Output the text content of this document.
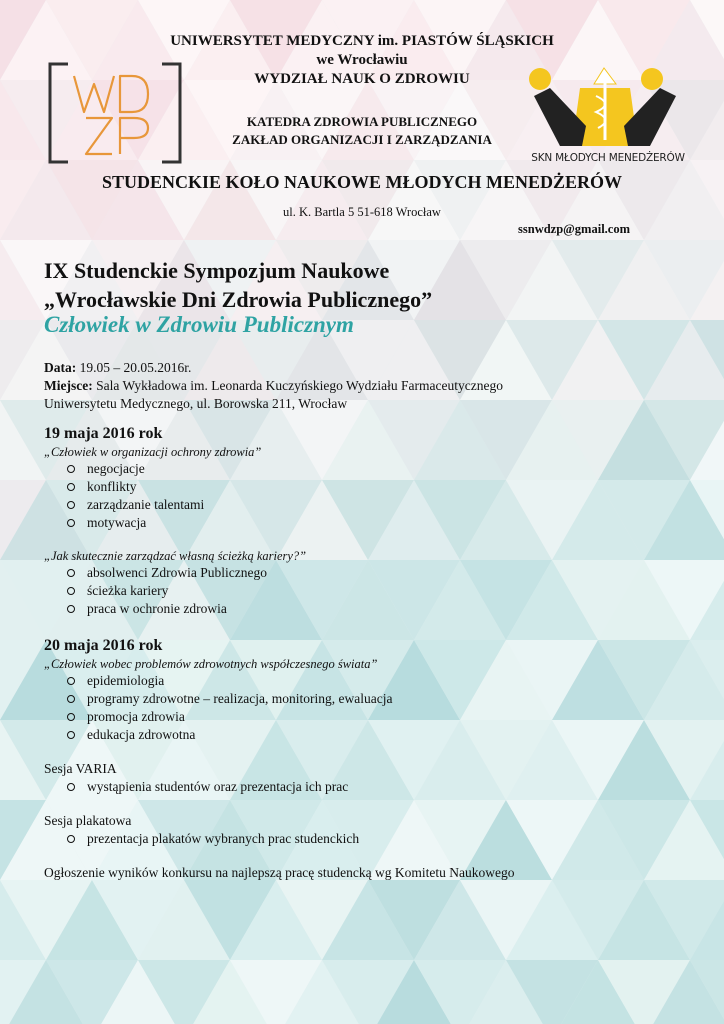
UNIWERSYTET MEDYCZNY im. PIASTÓW ŚLĄSKICH
we Wrocławiu
WYDZIAŁ NAUK O ZDROWIU
KATEDRA ZDROWIA PUBLICZNEGO
ZAKŁAD ORGANIZACJI I ZARZĄDZANIA
SKN MŁODYCH MENEDŻERÓW
STUDENCKIE KOŁO NAUKOWE MŁODYCH MENEDŻERÓW
ul. K. Bartla 5 51-618 Wrocław
ssnwdzp@gmail.com
IX Studenckie Sympozjum Naukowe
„Wrocławskie Dni Zdrowia Publicznego”
Człowiek w Zdrowiu Publicznym
Data: 19.05 – 20.05.2016r.
Miejsce: Sala Wykładowa im. Leonarda Kuczyńskiego Wydziału Farmaceutycznego
Uniwersytetu Medycznego, ul. Borowska 211, Wrocław
19 maja 2016 rok
„Człowiek w organizacji ochrony zdrowia”
negocjacje
konflikty
zarządzanie talentami
motywacja
„Jak skutecznie zarządzać własną ścieżką kariery?”
absolwenci Zdrowia Publicznego
ścieżka kariery
praca w ochronie zdrowia
20 maja 2016 rok
„Człowiek wobec problemów zdrowotnych współczesnego świata”
epidemiologia
programy zdrowotne – realizacja, monitoring, ewaluacja
promocja zdrowia
edukacja zdrowotna
Sesja VARIA
wystąpienia studentów oraz prezentacja ich prac
Sesja plakatowa
prezentacja plakatów wybranych prac studenckich
Ogłoszenie wyników konkursu na najlepszą pracę studencką wg Komitetu Naukowego
